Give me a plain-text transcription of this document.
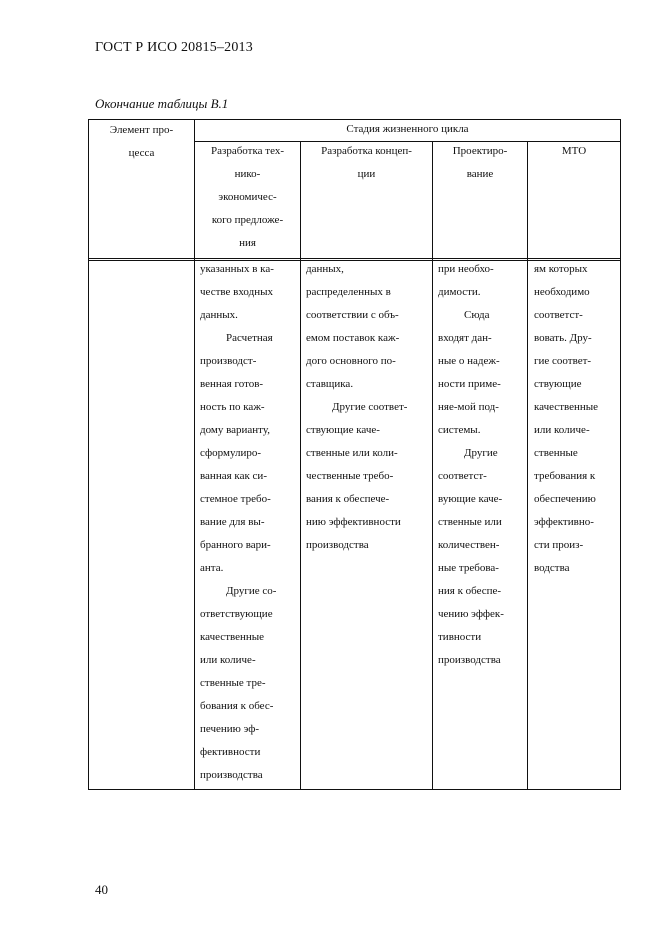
ГОСТ Р ИСО 20815–2013
Окончание таблицы В.1
Элемент про-
цесса
Стадия жизненного цикла
Разработка тех-
нико-
экономичес-
кого предложе-
ния
Разработка концеп-
ции
Проектиро-
вание
МТО
указанных в ка-
честве входных
данных.
Расчетная
производст-
венная готов-
ность по каж-
дому варианту,
сформулиро-
ванная как си-
стемное требо-
вание для вы-
бранного вари-
анта.
Другие со-
ответствующие
качественные
или количе-
ственные тре-
бования к обес-
печению эф-
фективности
производства
данных,
распределенных в
соответствии с объ-
емом поставок каж-
дого основного по-
ставщика.
Другие соответ-
ствующие каче-
ственные или коли-
чественные требо-
вания к обеспече-
нию эффективности
производства
при необхо-
димости.
Сюда
входят дан-
ные о надеж-
ности приме-
няе-мой под-
системы.
Другие
соответст-
вующие каче-
ственные или
количествен-
ные требова-
ния к обеспе-
чению эффек-
тивности
производства
ям которых
необходимо
соответст-
вовать. Дру-
гие соответ-
ствующие
качественные
или количе-
ственные
требования к
обеспечению
эффективно-
сти произ-
водства
40
